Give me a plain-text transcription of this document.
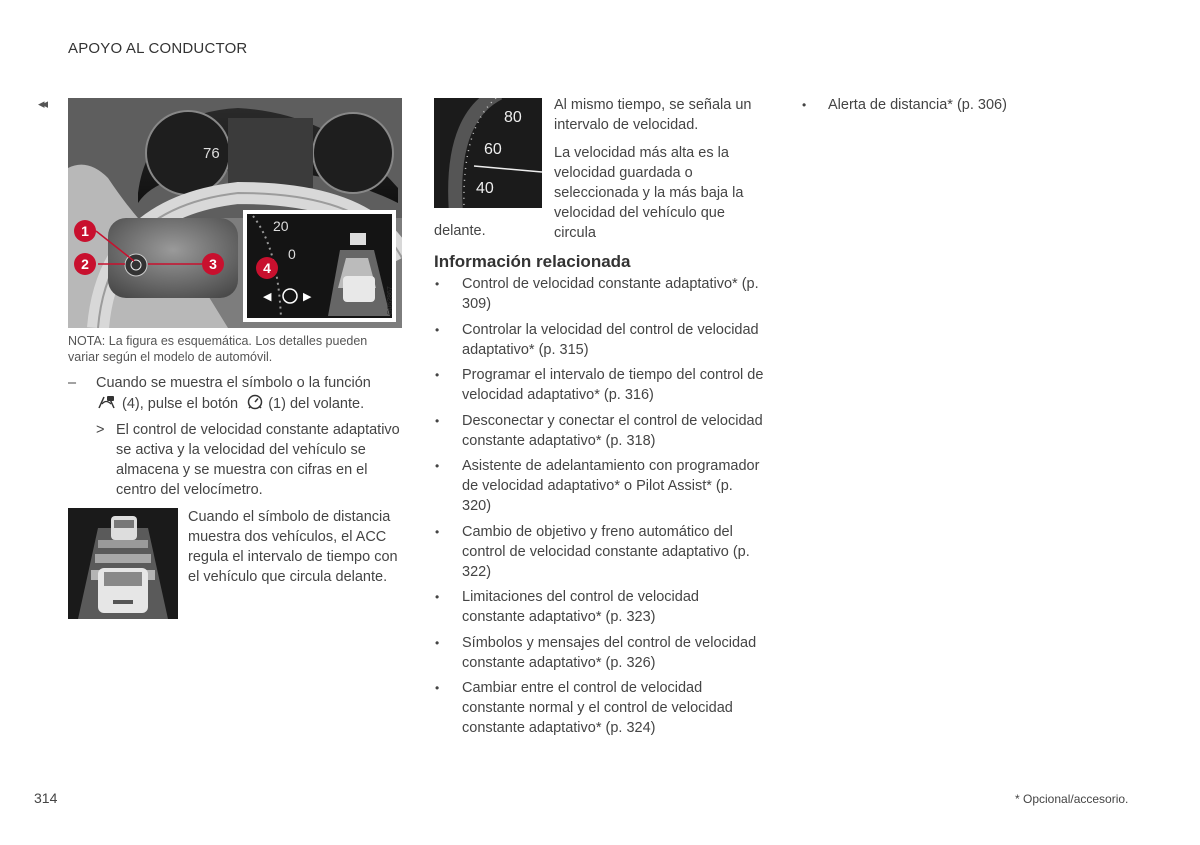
APOYO AL CONDUCTOR
◂◂
76
20
0
◀	▶	G052867
1
2	3	4
NOTA: La figura es esquemática. Los detalles pueden variar según el modelo de automóvil.
– Cuando se muestra el símbolo o la función
(4), pulse el botón (1) del volante.
> El control de velocidad constante adaptativo se activa y la velocidad del vehículo se almacena y se muestra con cifras en el centro del velocímetro.
Cuando el símbolo de distancia muestra dos vehículos, el ACC regula el intervalo de tiempo con el vehículo que circula delante.
80
60
40
Al mismo tiempo, se señala un intervalo de velocidad.
La velocidad más alta es la velocidad guardada o seleccionada y la más baja la velocidad del vehículo que circula
delante.
Información relacionada
• Control de velocidad constante adaptativo* (p. 309)
• Controlar la velocidad del control de velocidad adaptativo* (p. 315)
• Programar el intervalo de tiempo del control de velocidad adaptativo* (p. 316)
• Desconectar y conectar el control de velocidad constante adaptativo* (p. 318)
• Asistente de adelantamiento con programador de velocidad adaptativo* o Pilot Assist* (p. 320)
• Cambio de objetivo y freno automático del control de velocidad constante adaptativo (p. 322)
• Limitaciones del control de velocidad constante adaptativo* (p. 323)
• Símbolos y mensajes del control de velocidad constante adaptativo* (p. 326)
• Cambiar entre el control de velocidad constante normal y el control de velocidad constante adaptativo* (p. 324)
• Alerta de distancia* (p. 306)
314	* Opcional/accesorio.
